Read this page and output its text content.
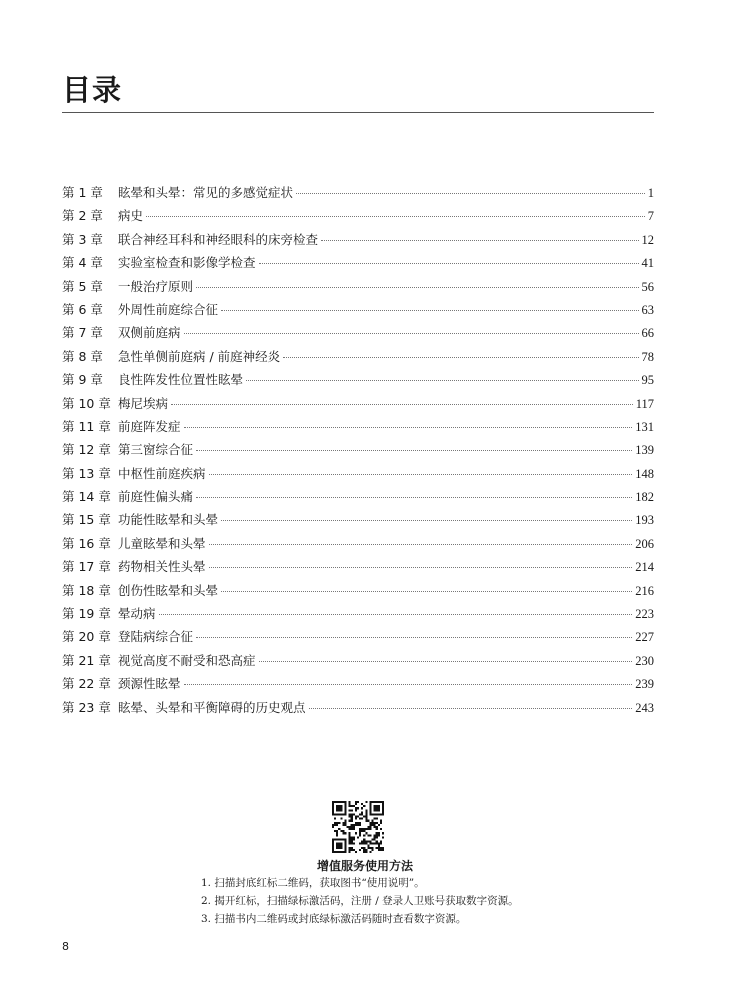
目录
第 1 章	眩晕和头晕：常见的多感觉症状	1
第 2 章	病史	7
第 3 章	联合神经耳科和神经眼科的床旁检查	12
第 4 章	实验室检查和影像学检查	41
第 5 章	一般治疗原则	56
第 6 章	外周性前庭综合征	63
第 7 章	双侧前庭病	66
第 8 章	急性单侧前庭病 / 前庭神经炎	78
第 9 章	良性阵发性位置性眩晕	95
第 10 章 梅尼埃病	117
第 11 章 前庭阵发症	131
第 12 章 第三窗综合征	139
第 13 章 中枢性前庭疾病	148
第 14 章 前庭性偏头痛	182
第 15 章 功能性眩晕和头晕	193
第 16 章 儿童眩晕和头晕	206
第 17 章 药物相关性头晕	214
第 18 章 创伤性眩晕和头晕	216
第 19 章 晕动病	223
第 20 章 登陆病综合征	227
第 21 章 视觉高度不耐受和恐高症	230
第 22 章 颈源性眩晕	239
第 23 章 眩晕、头晕和平衡障碍的历史观点	243
增值服务使用方法
1. 扫描封底红标二维码，获取图书“使用说明”。
2. 揭开红标，扫描绿标激活码，注册 / 登录人卫账号获取数字资源。
3. 扫描书内二维码或封底绿标激活码随时查看数字资源。
8
